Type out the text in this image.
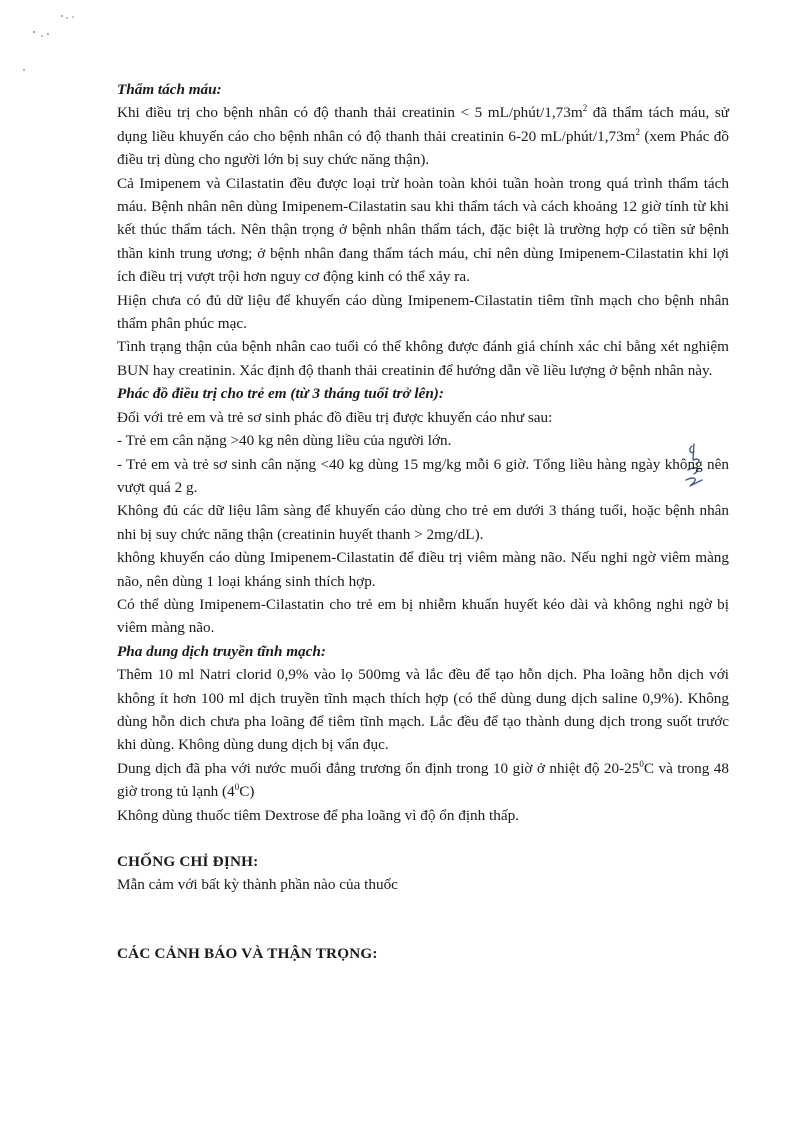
Thẩm tách máu:

Khi điều trị cho bệnh nhân có độ thanh thải creatinin < 5 $mL/phút/1,73m^2$ đã thẩm tách máu, sử dụng liều khuyến cáo cho bệnh nhân có độ thanh thải creatinin 6-20 $mL/phút/1,73m^2$ (xem Phác đồ điều trị dùng cho người lớn bị suy chức năng thận).

Cả Imipenem và Cilastatin đều được loại trừ hoàn toàn khỏi tuần hoàn trong quá trình thẩm tách máu. Bệnh nhân nên dùng Imipenem-Cilastatin sau khi thẩm tách và cách khoảng 12 giờ tính từ khi kết thúc thẩm tách. Nên thận trọng ở bệnh nhân thẩm tách, đặc biệt là trường hợp có tiền sử bệnh thần kinh trung ương; ở bệnh nhân đang thẩm tách máu, chỉ nên dùng Imipenem-Cilastatin khi lợi ích điều trị vượt trội hơn nguy cơ động kinh có thể xảy ra.

Hiện chưa có đủ dữ liệu để khuyến cáo dùng Imipenem-Cilastatin tiêm tĩnh mạch cho bệnh nhân thẩm phân phúc mạc.

Tình trạng thận của bệnh nhân cao tuổi có thể không được đánh giá chính xác chỉ bằng xét nghiệm BUN hay creatinin. Xác định độ thanh thải creatinin để hướng dẫn về liều lượng ở bệnh nhân này.

Phác đồ điều trị cho trẻ em (từ 3 tháng tuổi trở lên):

Đối với trẻ em và trẻ sơ sinh phác đồ điều trị được khuyến cáo như sau:

- Trẻ em cân nặng >40 kg nên dùng liều của người lớn.

- Trẻ em và trẻ sơ sinh cân nặng <40 kg dùng 15 mg/kg mỗi 6 giờ. Tổng liều hàng ngày không nên vượt quá 2 g.

Không đủ các dữ liệu lâm sàng để khuyến cáo dùng cho trẻ em dưới 3 tháng tuổi, hoặc bệnh nhân nhi bị suy chức năng thận (creatinin huyết thanh > 2mg/dL).

không khuyến cáo dùng Imipenem-Cilastatin để điều trị viêm màng não. Nếu nghi ngờ viêm màng não, nên dùng 1 loại kháng sinh thích hợp.

Có thể dùng Imipenem-Cilastatin cho trẻ em bị nhiễm khuẩn huyết kéo dài và không nghi ngờ bị viêm màng não.

Pha dung dịch truyền tĩnh mạch:

Thêm 10 ml Natri clorid 0,9% vào lọ 500mg và lắc đều để tạo hỗn dịch. Pha loãng hỗn dịch với không ít hơn 100 ml dịch truyền tĩnh mạch thích hợp (có thể dùng dung dịch saline 0,9%). Không dùng hỗn dich chưa pha loãng để tiêm tĩnh mạch. Lắc đều để tạo thành dung dịch trong suốt trước khi dùng. Không dùng dung dịch bị vẩn đục.

Dung dịch đã pha với nước muối đẳng trương ổn định trong 10 giờ ở nhiệt độ $20-25^0C$ và trong 48 giờ trong tủ lạnh $(4^0C)$

Không dùng thuốc tiêm Dextrose để pha loãng vì độ ổn định thấp.

CHỐNG CHỈ ĐỊNH:

Mẫn cảm với bất kỳ thành phần nào của thuốc

CÁC CẢNH BÁO VÀ THẬN TRỌNG:
